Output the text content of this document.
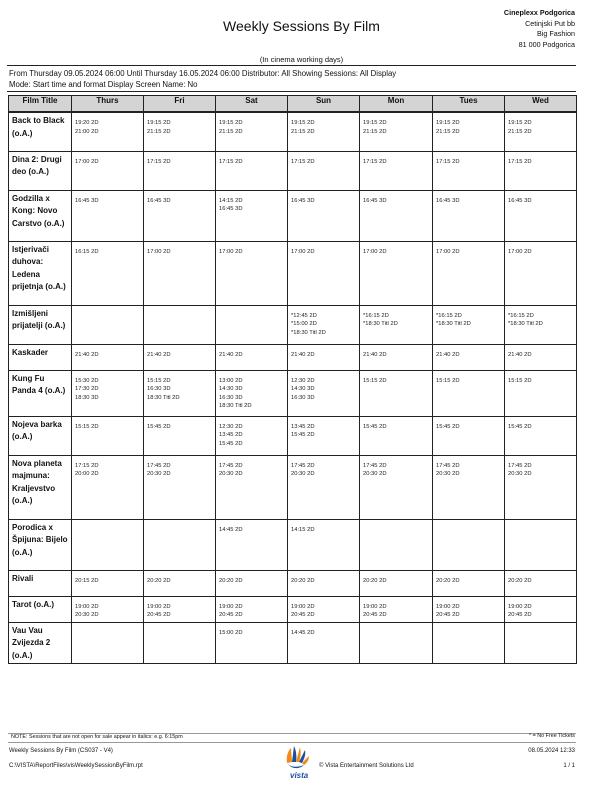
Weekly Sessions By Film
Cineplexx Podgorica
Cetinjski Put bb
Big Fashion
81 000 Podgorica
(In cinema working days)
From Thursday 09.05.2024 06:00 Until Thursday 16.05.2024 06:00 Distributor: All Showing Sessions: All Display
Mode: Start time and format Display Screen Name: No
Film Title	Thurs	Fri	Sat	Sun	Mon	Tues	Wed
Back to Black (o.A.)	19:20 2D
21:00 2D	19:15 2D
21:15 2D	19:15 2D
21:15 2D	19:15 2D
21:15 2D	19:15 2D
21:15 2D	19:15 2D
21:15 2D	19:15 2D
21:15 2D

Dina 2: Drugi deo (o.A.)	17:00 2D	17:15 2D	17:15 2D	17:15 2D	17:15 2D	17:15 2D	17:15 2D

Godzilla x Kong: Novo Carstvo (o.A.)	16:45 3D	16:45 3D	14:15 2D
16:45 3D	16:45 3D	16:45 3D	16:45 3D	16:45 3D

Istjerivači duhova: Ledena prijetnja (o.A.)	16:15 2D	17:00 2D	17:00 2D	17:00 2D	17:00 2D	17:00 2D	17:00 2D

Izmišljeni prijatelji (o.A.)				*12:45 2D
*15:00 2D
*18:30 Titl 2D	*16:15 2D
*18:30 Titl 2D	*16:15 2D
*18:30 Titl 2D	*16:15 2D
*18:30 Titl 2D

Kaskader	21:40 2D	21:40 2D	21:40 2D	21:40 2D	21:40 2D	21:40 2D	21:40 2D

Kung Fu Panda 4 (o.A.)	15:30 2D
17:30 2D
18:30 3D	15:15 2D
16:30 3D
18:30 Titl 2D	13:00 2D
14:30 3D
16:30 3D
18:30 Titl 2D	12:30 2D
14:30 3D
16:30 3D	15:15 2D	15:15 2D	15:15 2D

Nojeva barka (o.A.)	15:15 2D	15:45 2D	12:30 2D
13:45 2D
15:45 2D	13:45 2D
15:45 2D	15:45 2D	15:45 2D	15:45 2D

Nova planeta majmuna: Kraljevstvo (o.A.)	17:15 2D
20:00 2D	17:45 2D
20:30 2D	17:45 2D
20:30 2D	17:45 2D
20:30 2D	17:45 2D
20:30 2D	17:45 2D
20:30 2D	17:45 2D
20:30 2D

Porodica x Špijuna: Bijelo (o.A.)			14:45 2D	14:15 2D			

Rivali	20:15 2D	20:20 2D	20:20 2D	20:20 2D	20:20 2D	20:20 2D	20:20 2D

Tarot (o.A.)	19:00 2D
20:30 2D	19:00 2D
20:45 2D	19:00 2D
20:45 2D	19:00 2D
20:45 2D	19:00 2D
20:45 2D	19:00 2D
20:45 2D	19:00 2D
20:45 2D

Vau Vau Zvijezda 2 (o.A.)			15:00 2D	14:45 2D			

NOTE: Sessions that are not open for sale appear in italics: e.g. 6:15pm	* = No Free Tickets
Weekly Sessions By Film (CS037 - V4)
C:\VISTA\ReportFiles\visWeeklySessionByFilm.rpt
08.05.2024 12:33
1 / 1
© Vista Entertainment Solutions Ltd
vista
